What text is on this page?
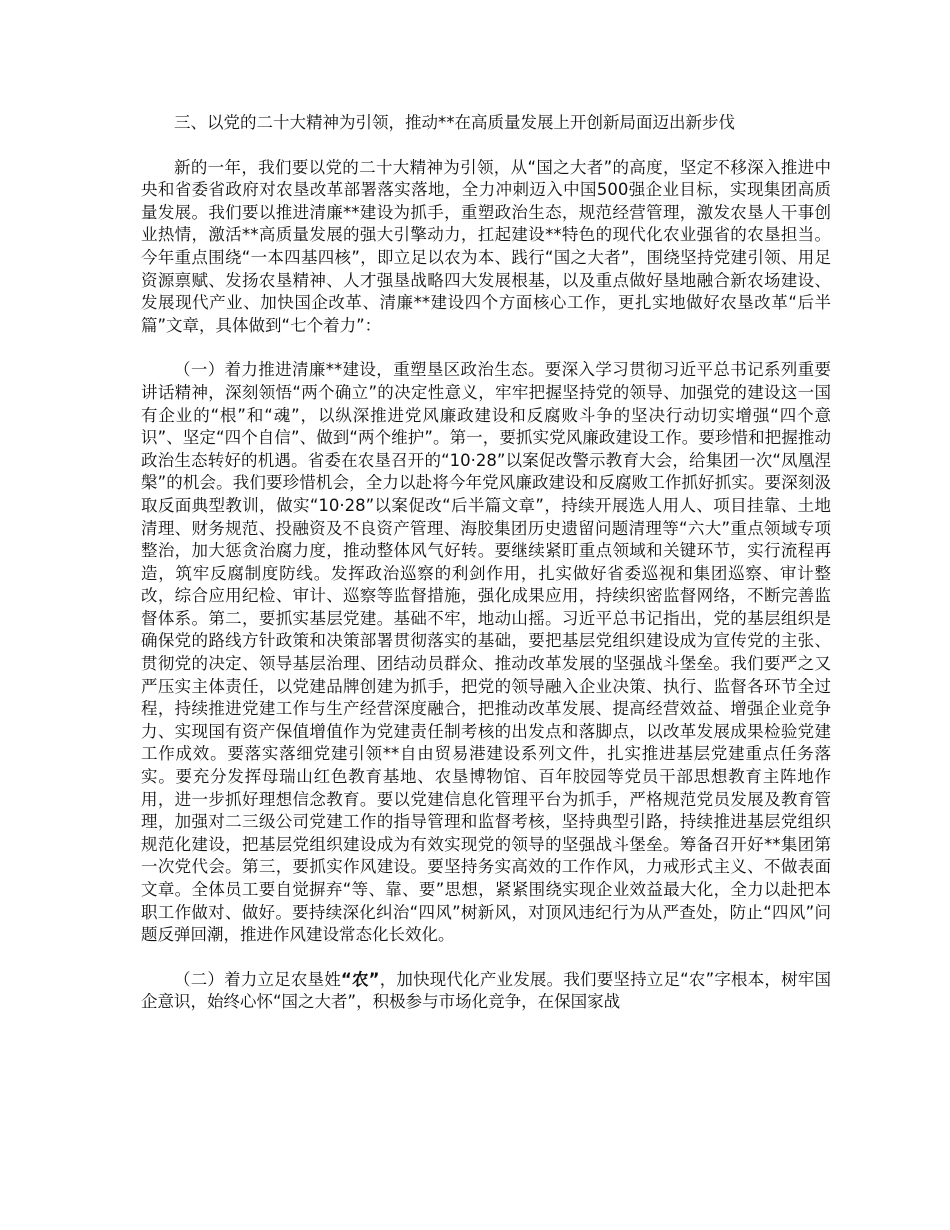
三、以党的二十大精神为引领，推动**在高质量发展上开创新局面迈出新步伐

新的一年，我们要以党的二十大精神为引领，从“国之大者”的高度，坚定不移深入推进中央和省委省政府对农垦改革部署落实落地，全力冲刺迈入中国500强企业目标，实现集团高质量发展。我们要以推进清廉**建设为抓手，重塑政治生态，规范经营管理，激发农垦人干事创业热情，激活**高质量发展的强大引擎动力，扛起建设**特色的现代化农业强省的农垦担当。今年重点围绕“一本四基四核”，即立足以农为本、践行“国之大者”，围绕坚持党建引领、用足资源禀赋、发扬农垦精神、人才强垦战略四大发展根基，以及重点做好垦地融合新农场建设、发展现代产业、加快国企改革、清廉**建设四个方面核心工作，更扎实地做好农垦改革“后半篇”文章，具体做到“七个着力”：

（一）着力推进清廉**建设，重塑垦区政治生态。要深入学习贯彻习近平总书记系列重要讲话精神，深刻领悟“两个确立”的决定性意义，牢牢把握坚持党的领导、加强党的建设这一国有企业的“根”和“魂”，以纵深推进党风廉政建设和反腐败斗争的坚决行动切实增强“四个意识”、坚定“四个自信”、做到“两个维护”。第一，要抓实党风廉政建设工作。要珍惜和把握推动政治生态转好的机遇。省委在农垦召开的“10·28”以案促改警示教育大会，给集团一次“凤凰涅槃”的机会。我们要珍惜机会，全力以赴将今年党风廉政建设和反腐败工作抓好抓实。要深刻汲取反面典型教训，做实“10·28”以案促改“后半篇文章”，持续开展选人用人、项目挂靠、土地清理、财务规范、投融资及不良资产管理、海胶集团历史遗留问题清理等“六大”重点领域专项整治，加大惩贪治腐力度，推动整体风气好转。要继续紧盯重点领域和关键环节，实行流程再造，筑牢反腐制度防线。发挥政治巡察的利剑作用，扎实做好省委巡视和集团巡察、审计整改，综合应用纪检、审计、巡察等监督措施，强化成果应用，持续织密监督网络，不断完善监督体系。第二，要抓实基层党建。基础不牢，地动山摇。习近平总书记指出，党的基层组织是确保党的路线方针政策和决策部署贯彻落实的基础，要把基层党组织建设成为宣传党的主张、贯彻党的决定、领导基层治理、团结动员群众、推动改革发展的坚强战斗堡垒。我们要严之又严压实主体责任，以党建品牌创建为抓手，把党的领导融入企业决策、执行、监督各环节全过程，持续推进党建工作与生产经营深度融合，把推动改革发展、提高经营效益、增强企业竞争力、实现国有资产保值增值作为党建责任制考核的出发点和落脚点，以改革发展成果检验党建工作成效。要落实落细党建引领**自由贸易港建设系列文件，扎实推进基层党建重点任务落实。要充分发挥母瑞山红色教育基地、农垦博物馆、百年胶园等党员干部思想教育主阵地作用，进一步抓好理想信念教育。要以党建信息化管理平台为抓手，严格规范党员发展及教育管理，加强对二三级公司党建工作的指导管理和监督考核，坚持典型引路，持续推进基层党组织规范化建设，把基层党组织建设成为有效实现党的领导的坚强战斗堡垒。筹备召开好**集团第一次党代会。第三，要抓实作风建设。要坚持务实高效的工作作风，力戒形式主义、不做表面文章。全体员工要自觉摒弃“等、靠、要”思想，紧紧围绕实现企业效益最大化，全力以赴把本职工作做对、做好。要持续深化纠治“四风”树新风，对顶风违纪行为从严查处，防止“四风”问题反弹回潮，推进作风建设常态化长效化。

（二）着力立足农垦姓“农”，加快现代化产业发展。我们要坚持立足“农”字根本，树牢国企意识，始终心怀“国之大者”，积极参与市场化竞争，在保国家战
